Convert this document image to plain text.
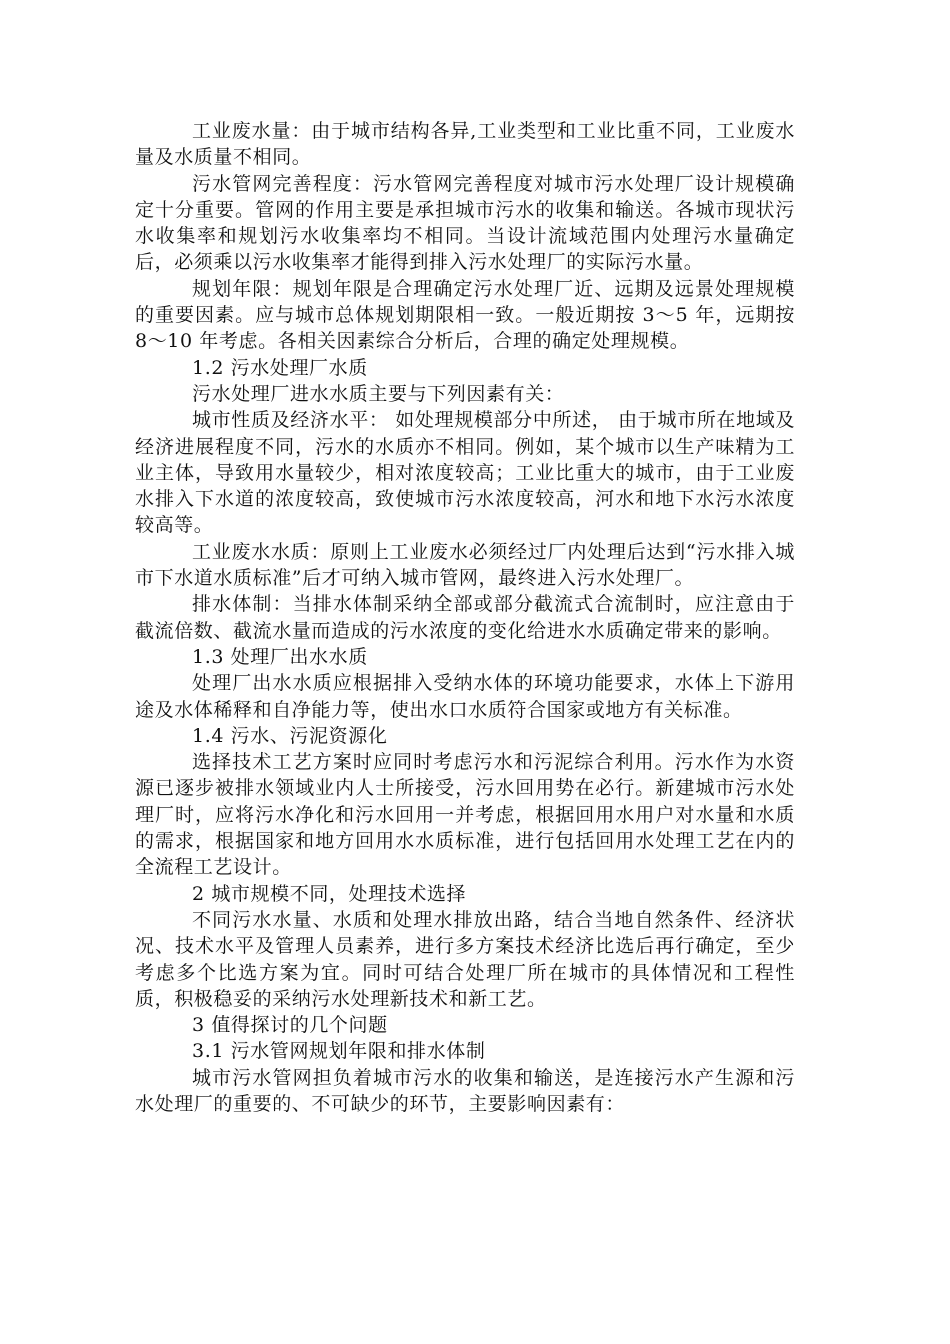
工业废水量：由于城市结构各异,工业类型和工业比重不同，工业废水量及水质量不相同。

污水管网完善程度：污水管网完善程度对城市污水处理厂设计规模确定十分重要。管网的作用主要是承担城市污水的收集和输送。各城市现状污水收集率和规划污水收集率均不相同。当设计流域范围内处理污水量确定后，必须乘以污水收集率才能得到排入污水处理厂的实际污水量。

规划年限：规划年限是合理确定污水处理厂近、远期及远景处理规模的重要因素。应与城市总体规划期限相一致。一般近期按 3～5 年，远期按 8～10 年考虑。各相关因素综合分析后，合理的确定处理规模。

1.2 污水处理厂水质

污水处理厂进水水质主要与下列因素有关：

城市性质及经济水平： 如处理规模部分中所述， 由于城市所在地域及经济进展程度不同，污水的水质亦不相同。例如，某个城市以生产味精为工业主体，导致用水量较少，相对浓度较高；工业比重大的城市，由于工业废水排入下水道的浓度较高，致使城市污水浓度较高，河水和地下水污水浓度较高等。

工业废水水质：原则上工业废水必须经过厂内处理后达到“污水排入城市下水道水质标准”后才可纳入城市管网，最终进入污水处理厂。

排水体制：当排水体制采纳全部或部分截流式合流制时，应注意由于截流倍数、截流水量而造成的污水浓度的变化给进水水质确定带来的影响。

1.3 处理厂出水水质

处理厂出水水质应根据排入受纳水体的环境功能要求，水体上下游用途及水体稀释和自净能力等，使出水口水质符合国家或地方有关标准。

1.4 污水、污泥资源化

选择技术工艺方案时应同时考虑污水和污泥综合利用。污水作为水资源已逐步被排水领域业内人士所接受，污水回用势在必行。新建城市污水处理厂时，应将污水净化和污水回用一并考虑，根据回用水用户对水量和水质的需求，根据国家和地方回用水水质标准，进行包括回用水处理工艺在内的全流程工艺设计。

2 城市规模不同，处理技术选择

不同污水水量、水质和处理水排放出路，结合当地自然条件、经济状况、技术水平及管理人员素养，进行多方案技术经济比选后再行确定，至少考虑多个比选方案为宜。同时可结合处理厂所在城市的具体情况和工程性质，积极稳妥的采纳污水处理新技术和新工艺。

3 值得探讨的几个问题

3.1 污水管网规划年限和排水体制

城市污水管网担负着城市污水的收集和输送，是连接污水产生源和污水处理厂的重要的、不可缺少的环节，主要影响因素有：
